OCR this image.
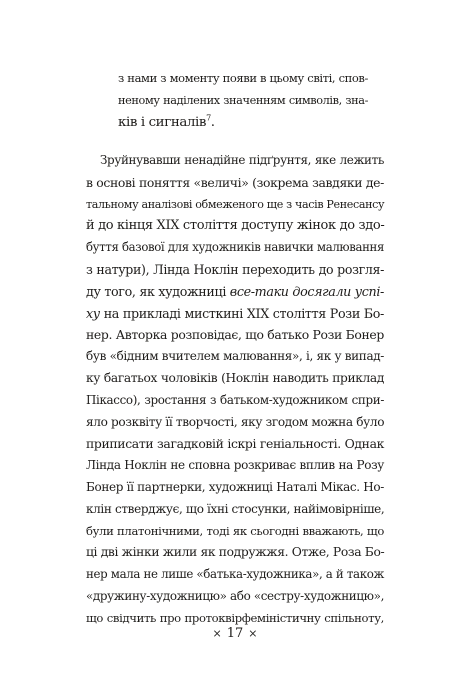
з нами з моменту появи в цьому світі, спов-
неному наділених значенням символів, зна-
ків і сигналів$^7$.
Зруйнувавши ненадійне підґрунтя, яке лежить
в основі поняття «величі» (зокрема завдяки де-
тальному аналізові обмеженого ще з часів Ренесансу
й до кінця XIX століття доступу жінок до здо-
буття базової для художників навички малювання
з натури), Лінда Ноклін переходить до розгля-
ду того, як художниці все-таки досягали успі-
ху на прикладі мисткині XIX століття Рози Бо-
нер. Авторка розповідає, що батько Рози Бонер
був «бідним вчителем малювання», і, як у випад-
ку багатьох чоловіків (Ноклін наводить приклад
Пікассо), зростання з батьком-художником спри-
яло розквіту її творчості, яку згодом можна було
приписати загадковій іскрі геніальності. Однак
Лінда Ноклін не сповна розкриває вплив на Розу
Бонер її партнерки, художниці Наталі Мікас. Но-
клін стверджує, що їхні стосунки, найімовірніше,
були платонічними, тоді як сьогодні вважають, що
ці дві жінки жили як подружжя. Отже, Роза Бо-
нер мала не лише «батька-художника», а й також
«дружину-художницю» або «сестру-художницю»,
що свідчить про протоквірфеміністичну спільноту,
× 17 ×
